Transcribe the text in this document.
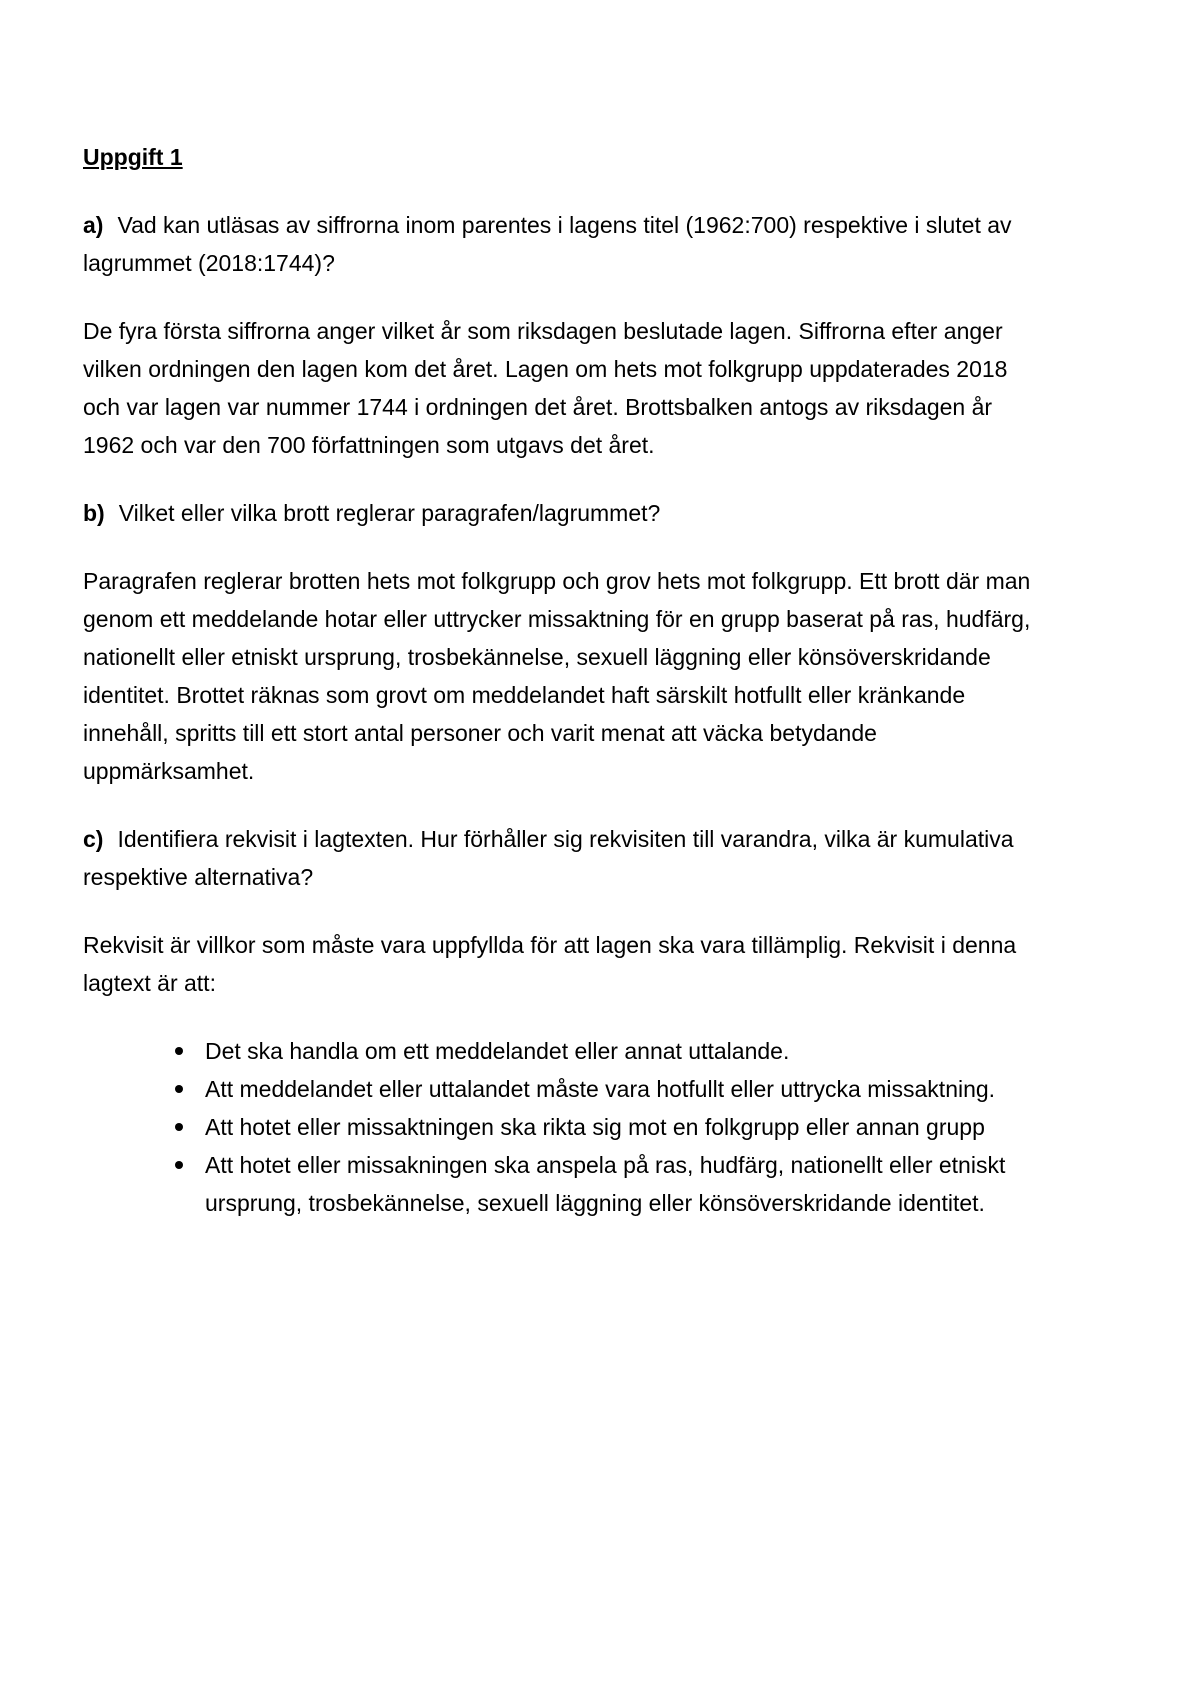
Uppgift 1

a) Vad kan utläsas av siffrorna inom parentes i lagens titel (1962:700) respektive i slutet av lagrummet (2018:1744)?

De fyra första siffrorna anger vilket år som riksdagen beslutade lagen. Siffrorna efter anger vilken ordningen den lagen kom det året. Lagen om hets mot folkgrupp uppdaterades 2018 och var lagen var nummer 1744 i ordningen det året. Brottsbalken antogs av riksdagen år 1962 och var den 700 författningen som utgavs det året.

b) Vilket eller vilka brott reglerar paragrafen/lagrummet?

Paragrafen reglerar brotten hets mot folkgrupp och grov hets mot folkgrupp. Ett brott där man genom ett meddelande hotar eller uttrycker missaktning för en grupp baserat på ras, hudfärg, nationellt eller etniskt ursprung, trosbekännelse, sexuell läggning eller könsöverskridande identitet. Brottet räknas som grovt om meddelandet haft särskilt hotfullt eller kränkande innehåll, spritts till ett stort antal personer och varit menat att väcka betydande uppmärksamhet.

c) Identifiera rekvisit i lagtexten. Hur förhåller sig rekvisiten till varandra, vilka är kumulativa respektive alternativa?

Rekvisit är villkor som måste vara uppfyllda för att lagen ska vara tillämplig. Rekvisit i denna lagtext är att:

Det ska handla om ett meddelandet eller annat uttalande.
Att meddelandet eller uttalandet måste vara hotfullt eller uttrycka missaktning.
Att hotet eller missaktningen ska rikta sig mot en folkgrupp eller annan grupp
Att hotet eller missakningen ska anspela på ras, hudfärg, nationellt eller etniskt ursprung, trosbekännelse, sexuell läggning eller könsöverskridande identitet.
